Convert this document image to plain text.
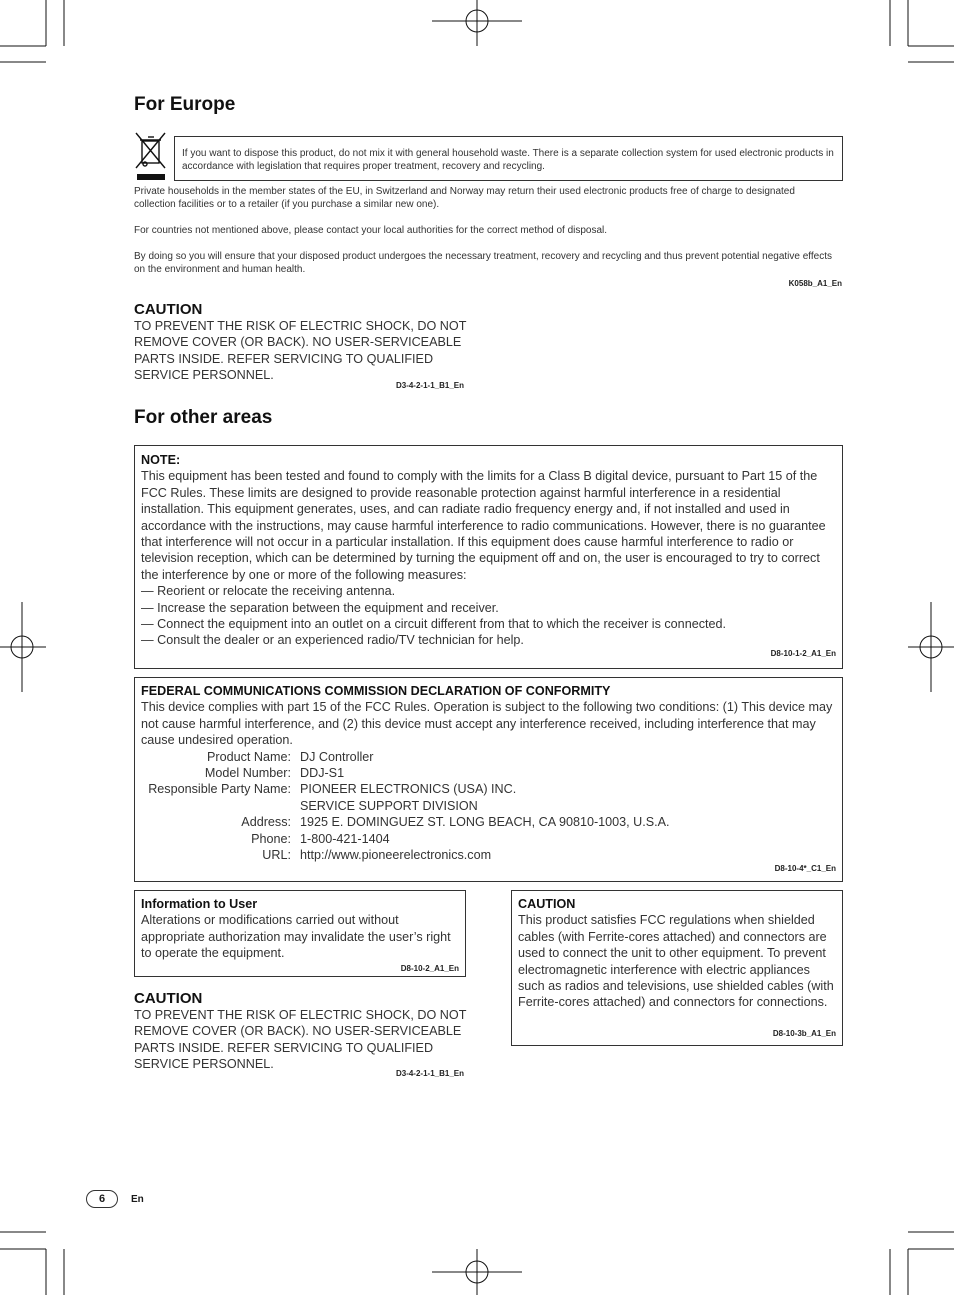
For Europe
If you want to dispose this product, do not mix it with general household waste. There is a separate collection system for used electronic products in accordance with legislation that requires proper treatment, recovery and recycling.
Private households in the member states of the EU, in Switzerland and Norway may return their used electronic products free of charge to designated collection facilities or to a retailer (if you purchase a similar new one).
For countries not mentioned above, please contact your local authorities for the correct method of disposal.
By doing so you will ensure that your disposed product undergoes the necessary treatment, recovery and recycling and thus prevent potential negative effects on the environment and human health.
K058b_A1_En
CAUTION
TO PREVENT THE RISK OF ELECTRIC SHOCK, DO NOT REMOVE COVER (OR BACK). NO USER-SERVICEABLE PARTS INSIDE. REFER SERVICING TO QUALIFIED SERVICE PERSONNEL.
D3-4-2-1-1_B1_En
For other areas
NOTE:
This equipment has been tested and found to comply with the limits for a Class B digital device, pursuant to Part 15 of the FCC Rules. These limits are designed to provide reasonable protection against harmful interference in a residential installation. This equipment generates, uses, and can radiate radio frequency energy and, if not installed and used in accordance with the instructions, may cause harmful interference to radio communications. However, there is no guarantee that interference will not occur in a particular installation. If this equipment does cause harmful interference to radio or television reception, which can be determined by turning the equipment off and on, the user is encouraged to try to correct the interference by one or more of the following measures:

— Reorient or relocate the receiving antenna.

— Increase the separation between the equipment and receiver.

— Connect the equipment into an outlet on a circuit different from that to which the receiver is connected.

— Consult the dealer or an experienced radio/TV technician for help.

D8-10-1-2_A1_En
FEDERAL COMMUNICATIONS COMMISSION DECLARATION OF CONFORMITY
This device complies with part 15 of the FCC Rules. Operation is subject to the following two conditions: (1) This device may not cause harmful interference, and (2) this device must accept any interference received, including interference that may cause undesired operation.
Product Name: DJ Controller
Model Number: DDJ-S1
Responsible Party Name: PIONEER ELECTRONICS (USA) INC.
SERVICE SUPPORT DIVISION
Address: 1925 E. DOMINGUEZ ST. LONG BEACH, CA 90810-1003, U.S.A.
Phone: 1-800-421-1404
URL: http://www.pioneerelectronics.com
D8-10-4*_C1_En
Information to User
Alterations or modifications carried out without appropriate authorization may invalidate the user’s right to operate the equipment.
D8-10-2_A1_En
CAUTION
TO PREVENT THE RISK OF ELECTRIC SHOCK, DO NOT REMOVE COVER (OR BACK). NO USER-SERVICEABLE PARTS INSIDE. REFER SERVICING TO QUALIFIED SERVICE PERSONNEL.
D3-4-2-1-1_B1_En
CAUTION
This product satisfies FCC regulations when shielded cables (with Ferrite-cores attached) and connectors are used to connect the unit to other equipment. To prevent electromagnetic interference with electric appliances such as radios and televisions, use shielded cables (with Ferrite-cores attached) and connectors for connections.
D8-10-3b_A1_En
6	En
